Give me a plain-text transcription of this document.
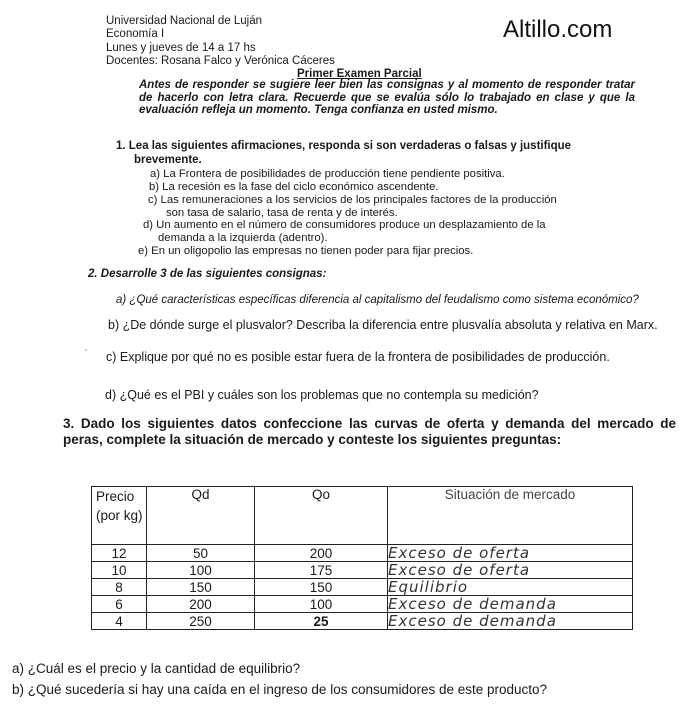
Universidad Nacional de Luján
Economía I
Lunes y jueves de 14 a 17 hs
Docentes: Rosana Falco y Verónica Cáceres
Altillo.com
Primer Examen Parcial
Antes de responder se sugiere leer bien las consignas y al momento de responder tratar de hacerlo con letra clara. Recuerde que se evalúa sólo lo trabajado en clase y que la evaluación refleja un momento. Tenga confianza en usted mismo.
1. Lea las siguientes afirmaciones, responda si son verdaderas o falsas y justifique
brevemente.
a) La Frontera de posibilidades de producción tiene pendiente positiva.
b) La recesión es la fase del ciclo económico ascendente.
c) Las remuneraciones a los servicios de los principales factores de la producción
son tasa de salario, tasa de renta y de interés.
d) Un aumento en el número de consumidores produce un desplazamiento de la
demanda a la izquierda (adentro).
e) En un oligopolio las empresas no tienen poder para fijar precios.
2. Desarrolle 3 de las siguientes consignas:
a) ¿Qué características específicas diferencia al capitalismo del feudalismo como sistema económico?
b) ¿De dónde surge el plusvalor? Describa la diferencia entre plusvalía absoluta y relativa en Marx.
ˋ	c) Explique por qué no es posible estar fuera de la frontera de posibilidades de producción.
d) ¿Qué es el PBI y cuáles son los problemas que no contempla su medición?
3. Dado los siguientes datos confeccione las curvas de oferta y demanda del mercado de peras, complete la situación de mercado y conteste los siguientes preguntas:
Precio (por kg)	Qd	Qo	Situación de mercado
12	50	200	Exceso de oferta
10	100	175	Exceso de oferta
8	150	150	Equilibrio
6	200	100	Exceso de demanda
4	250	25	Exceso de demanda
a) ¿Cuál es el precio y la cantidad de equilibrio?
b) ¿Qué sucedería si hay una caída en el ingreso de los consumidores de este producto?
